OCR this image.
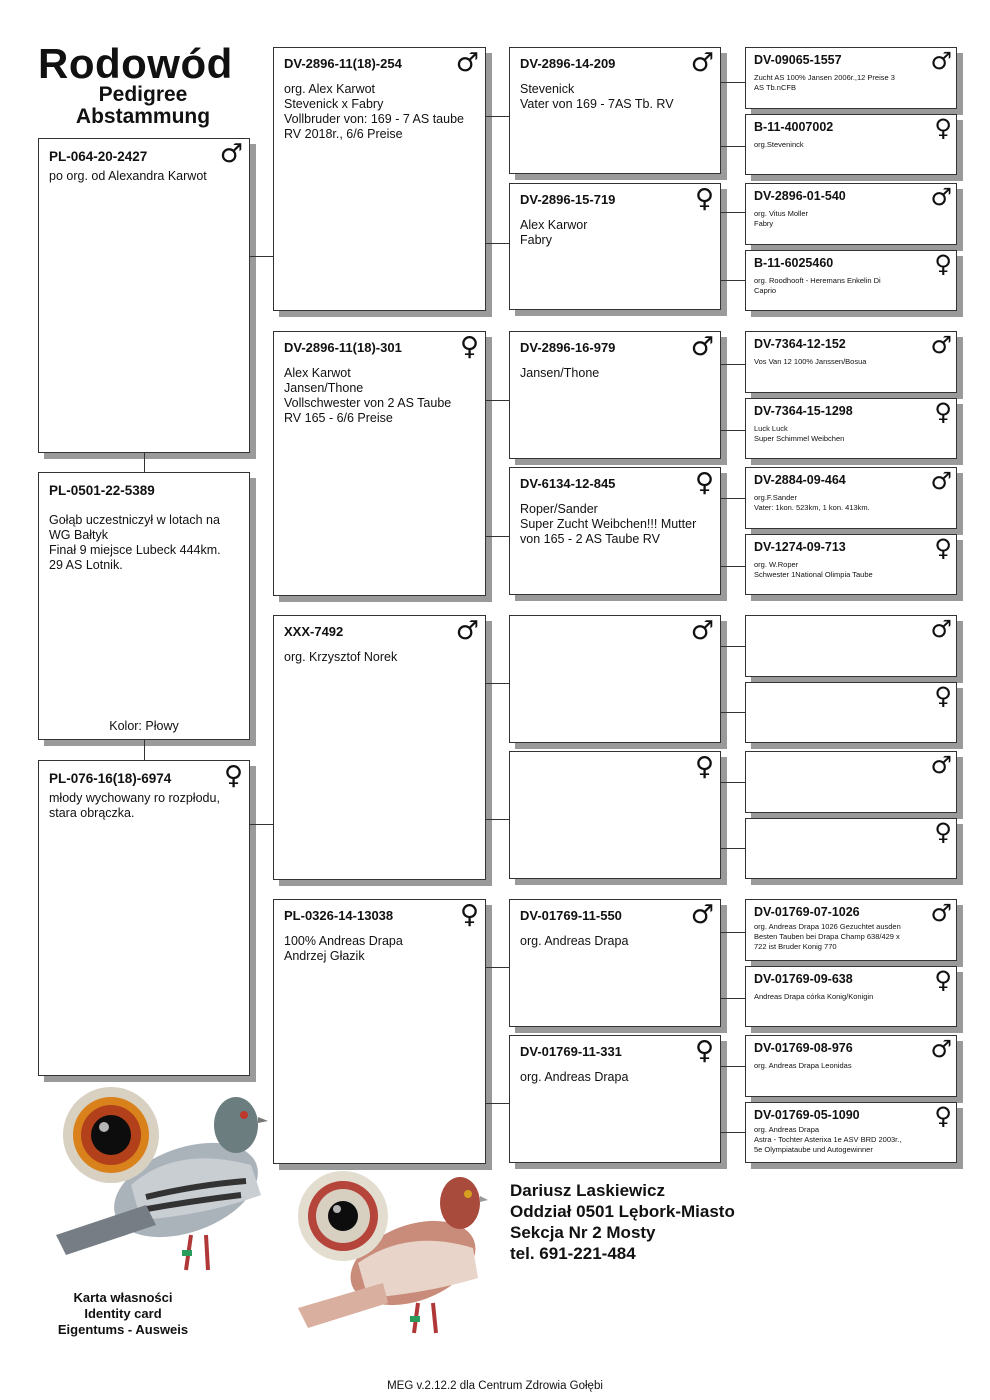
Rodowód
Pedigree
Abstammung
PL-064-20-2427	♂
po org. od Alexandra Karwot
PL-0501-22-5389
Gołąb uczestniczył w lotach na
WG Bałtyk
Finał 9 miejsce Lubeck 444km.
29 AS Lotnik.
Kolor: Płowy
PL-076-16(18)-6974 ♀
młody wychowany ro rozpłodu,
stara obrączka.
DV-2896-11(18)-254 ♂
org. Alex Karwot
Stevenick x Fabry
Vollbruder von: 169 - 7 AS taube
RV 2018r., 6/6 Preise
DV-2896-11(18)-301 ♀
Alex Karwot
Jansen/Thone
Vollschwester von 2 AS Taube
RV 165 - 6/6 Preise
XXX-7492	♂
org. Krzysztof Norek
PL-0326-14-13038	♀
100% Andreas Drapa
Andrzej Głazik
DV-2896-14-209	♂
Stevenick
Vater von 169 - 7AS Tb. RV
DV-2896-15-719	♀
Alex Karwor
Fabry
DV-2896-16-979	♂
Jansen/Thone
DV-6134-12-845	♀
Roper/Sander
Super Zucht Weibchen!!! Mutter
von 165 - 2 AS Taube RV
♂
♀
DV-01769-11-550	♂
org. Andreas Drapa
DV-01769-11-331	♀
org. Andreas Drapa
DV-09065-1557	♂
Zucht AS 100% Jansen 2006r.,12 Preise 3
AS Tb.nCFB
B-11-4007002	♀
org.Steveninck
DV-2896-01-540	♂
org. Vitus Moller
Fabry
B-11-6025460	♀
org. Roodhooft - Heremans Enkelin Di
Caprio
DV-7364-12-152	♂
Vos Van 12 100% Janssen/Bosua
DV-7364-15-1298	♀
Luck Luck
Super Schimmel Weibchen
DV-2884-09-464	♂
org.F.Sander
Vater: 1kon. 523km, 1 kon. 413km.
DV-1274-09-713	♀
org. W.Roper
Schwester 1National Olimpia Taube
♂
♀
♂
♀
DV-01769-07-1026	♂
org. Andreas Drapa 1026 Gezuchtet ausden
Besten Tauben bei Drapa Champ 638/429 x
722 ist Bruder Konig 770
DV-01769-09-638	♀
Andreas Drapa córka Konig/Konigin
DV-01769-08-976	♂
org. Andreas Drapa Leonidas
DV-01769-05-1090	♀
org. Andreas Drapa
Astra - Tochter Asterixa 1e ASV BRD 2003r.,
5e Olympiataube und Autogewinner
Dariusz Laskiewicz
Oddział 0501 Lębork-Miasto
Sekcja Nr 2 Mosty
tel. 691-221-484
Karta własności
Identity card
Eigentums - Ausweis
MEG v.2.12.2 dla Centrum Zdrowia Gołębi
